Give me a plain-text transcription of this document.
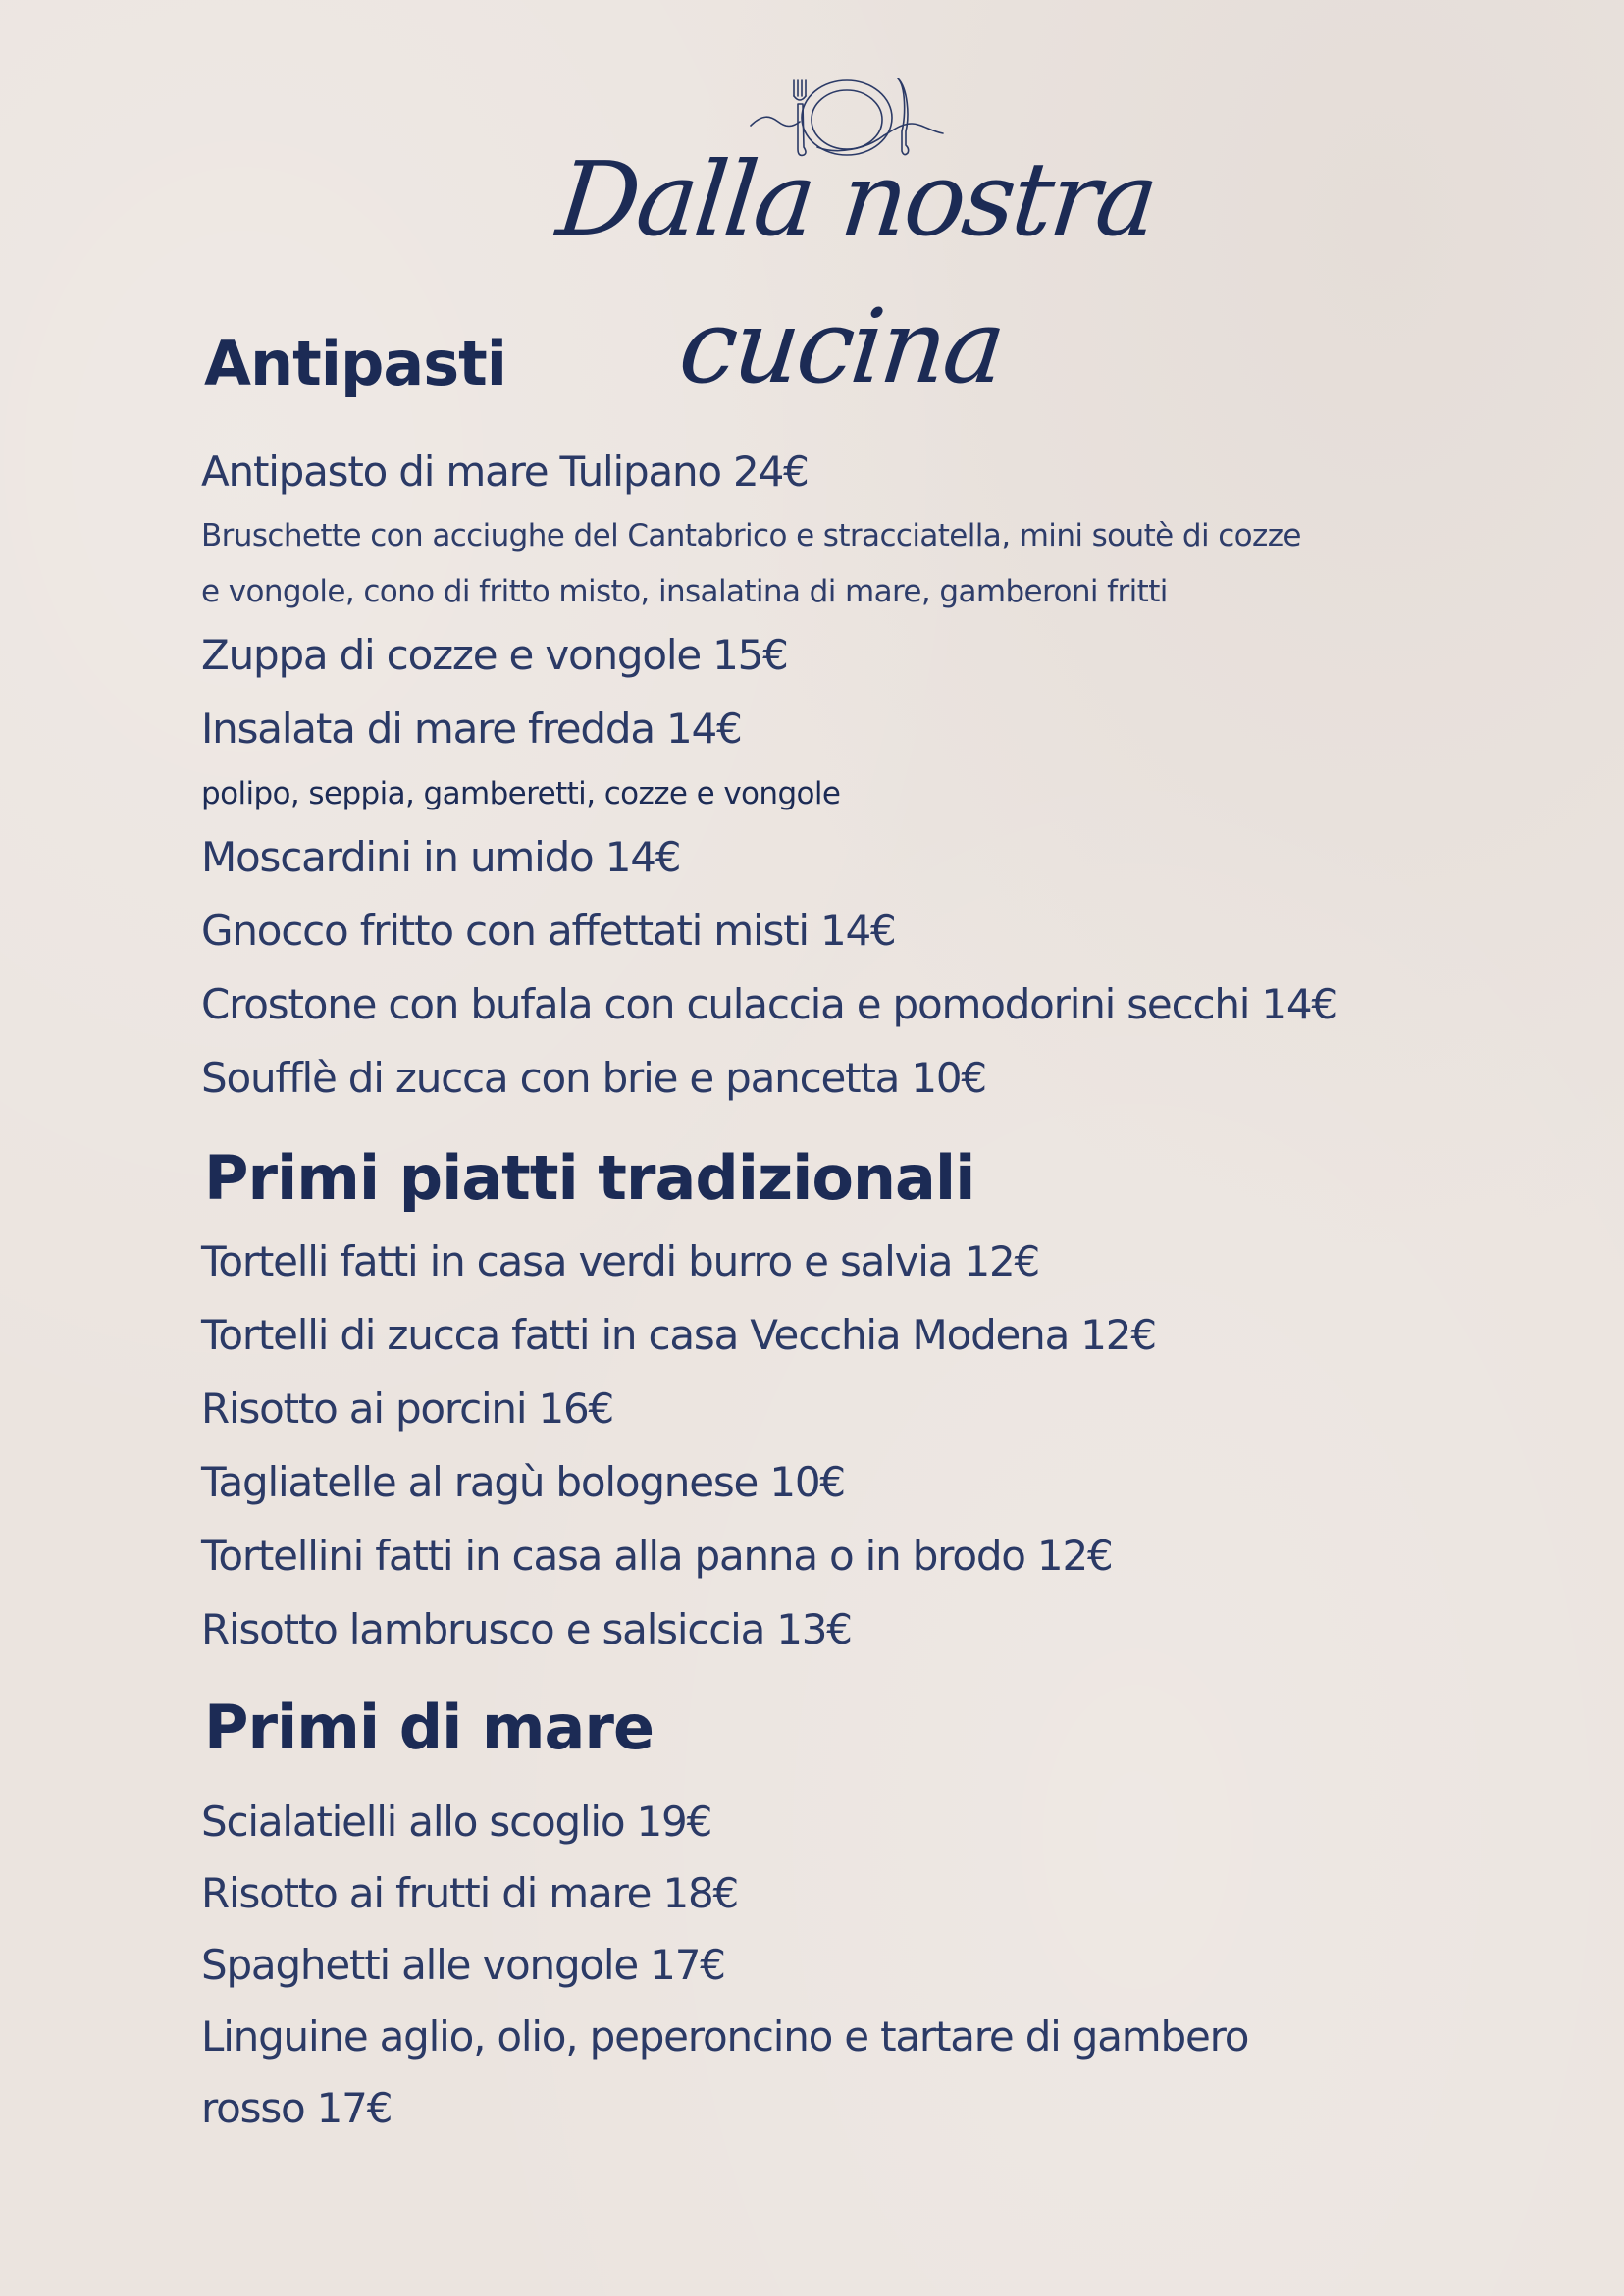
Dalla nostra cucina
Antipasti
Antipasto di mare Tulipano 24€
Bruschette con acciughe del Cantabrico e stracciatella, mini soutè di cozze
e vongole, cono di fritto misto, insalatina di mare, gamberoni fritti
Zuppa di cozze e vongole 15€
Insalata di mare fredda 14€
polipo, seppia, gamberetti, cozze e vongole
Moscardini in umido 14€
Gnocco fritto con affettati misti 14€
Crostone con bufala con culaccia e pomodorini secchi 14€
Soufflè di zucca con brie e pancetta 10€
Primi piatti tradizionali
Tortelli fatti in casa verdi burro e salvia 12€
Tortelli di zucca fatti in casa Vecchia Modena 12€
Risotto ai porcini 16€
Tagliatelle al ragù bolognese 10€
Tortellini fatti in casa alla panna o in brodo 12€
Risotto lambrusco e salsiccia 13€
Primi di mare
Scialatielli allo scoglio 19€
Risotto ai frutti di mare 18€
Spaghetti alle vongole 17€
Linguine aglio, olio, peperoncino e tartare di gambero
rosso 17€
